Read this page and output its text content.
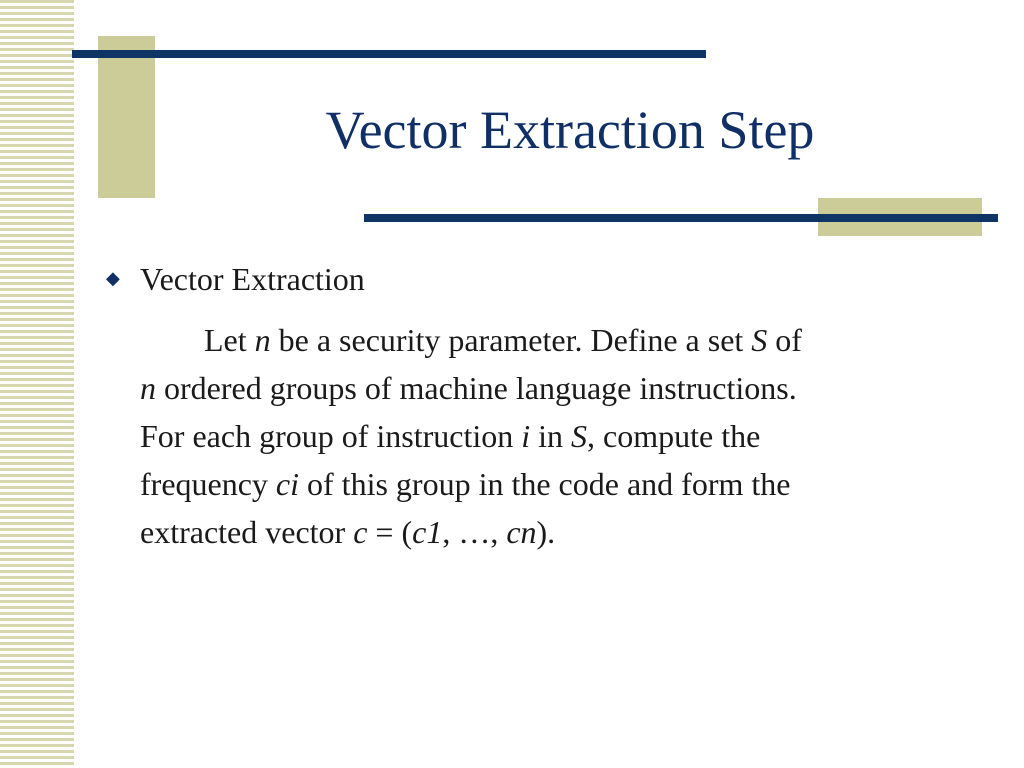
Vector Extraction Step
◆ Vector Extraction
Let n be a security parameter. Define a set S of
n ordered groups of machine language instructions.
For each group of instruction i in S, compute the
frequency ci of this group in the code and form the
extracted vector c = (c1, …, cn).
